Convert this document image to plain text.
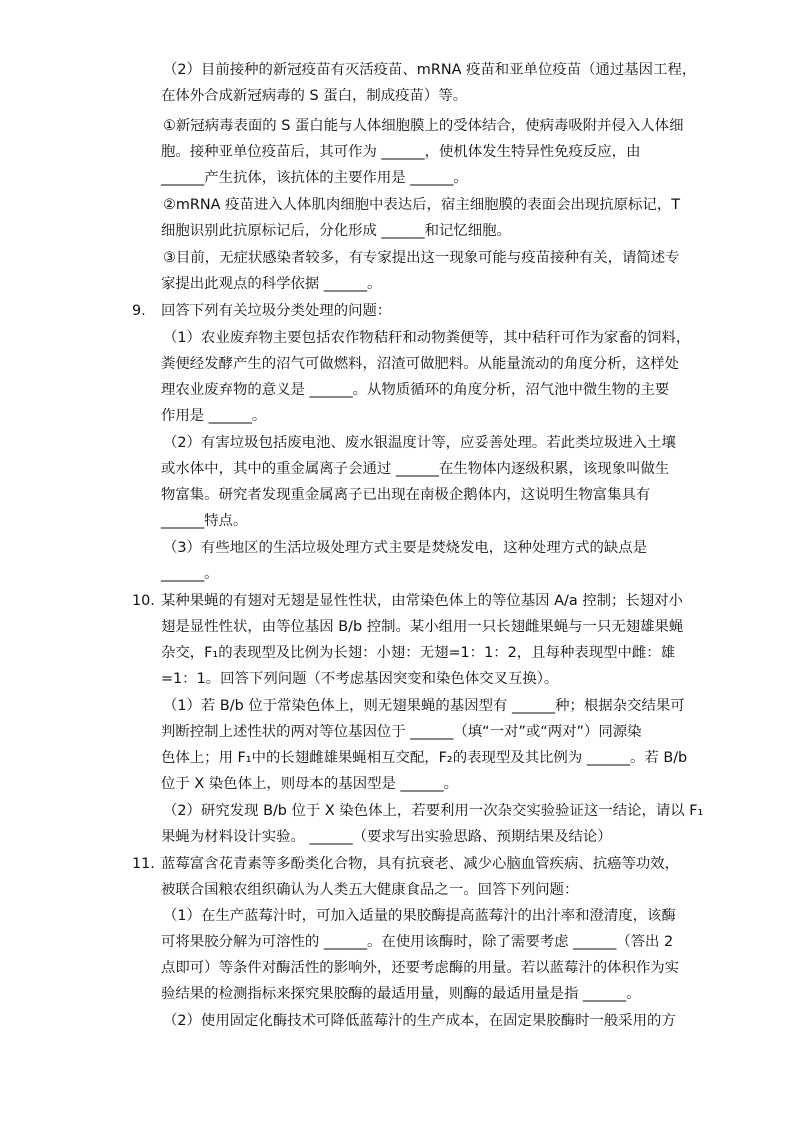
（2）目前接种的新冠疫苗有灭活疫苗、mRNA 疫苗和亚单位疫苗（通过基因工程，

在体外合成新冠病毒的 S 蛋白，制成疫苗）等。

①新冠病毒表面的 S 蛋白能与人体细胞膜上的受体结合，使病毒吸附并侵入人体细

胞。接种亚单位疫苗后，其可作为 ______，使机体发生特异性免疫反应，由

______产生抗体，该抗体的主要作用是 ______。

②mRNA 疫苗进入人体肌肉细胞中表达后，宿主细胞膜的表面会出现抗原标记，T

细胞识别此抗原标记后，分化形成 ______和记忆细胞。

③目前，无症状感染者较多，有专家提出这一现象可能与疫苗接种有关，请简述专

家提出此观点的科学依据 ______。

9. 回答下列有关垃圾分类处理的问题：

（1）农业废弃物主要包括农作物秸秆和动物粪便等，其中秸秆可作为家畜的饲料，

粪便经发酵产生的沼气可做燃料，沼渣可做肥料。从能量流动的角度分析，这样处

理农业废弃物的意义是 ______。从物质循环的角度分析，沼气池中微生物的主要

作用是 ______。

（2）有害垃圾包括废电池、废水银温度计等，应妥善处理。若此类垃圾进入土壤

或水体中，其中的重金属离子会通过 ______在生物体内逐级积累，该现象叫做生

物富集。研究者发现重金属离子已出现在南极企鹅体内，这说明生物富集具有

______特点。

（3）有些地区的生活垃圾处理方式主要是焚烧发电，这种处理方式的缺点是

______。

10. 某种果蝇的有翅对无翅是显性性状，由常染色体上的等位基因 A/a 控制；长翅对小

翅是显性性状，由等位基因 B/b 控制。某小组用一只长翅雌果蝇与一只无翅雄果蝇

杂交，F₁的表现型及比例为长翅：小翅：无翅=1：1：2，且每种表现型中雌：雄

=1：1。回答下列问题（不考虑基因突变和染色体交叉互换）。

（1）若 B/b 位于常染色体上，则无翅果蝇的基因型有 ______种；根据杂交结果可

判断控制上述性状的两对等位基因位于 ______（填“一对”或“两对”）同源染

色体上；用 F₁中的长翅雌雄果蝇相互交配，F₂的表现型及其比例为 ______。若 B/b

位于 X 染色体上，则母本的基因型是 ______。

（2）研究发现 B/b 位于 X 染色体上，若要利用一次杂交实验验证这一结论，请以 F₁

果蝇为材料设计实验。 ______（要求写出实验思路、预期结果及结论）

11. 蓝莓富含花青素等多酚类化合物，具有抗衰老、减少心脑血管疾病、抗癌等功效，

被联合国粮农组织确认为人类五大健康食品之一。回答下列问题：

（1）在生产蓝莓汁时，可加入适量的果胶酶提高蓝莓汁的出汁率和澄清度，该酶

可将果胶分解为可溶性的 ______。在使用该酶时，除了需要考虑 ______（答出 2

点即可）等条件对酶活性的影响外，还要考虑酶的用量。若以蓝莓汁的体积作为实

验结果的检测指标来探究果胶酶的最适用量，则酶的最适用量是指 ______。

（2）使用固定化酶技术可降低蓝莓汁的生产成本，在固定果胶酶时一般采用的方
